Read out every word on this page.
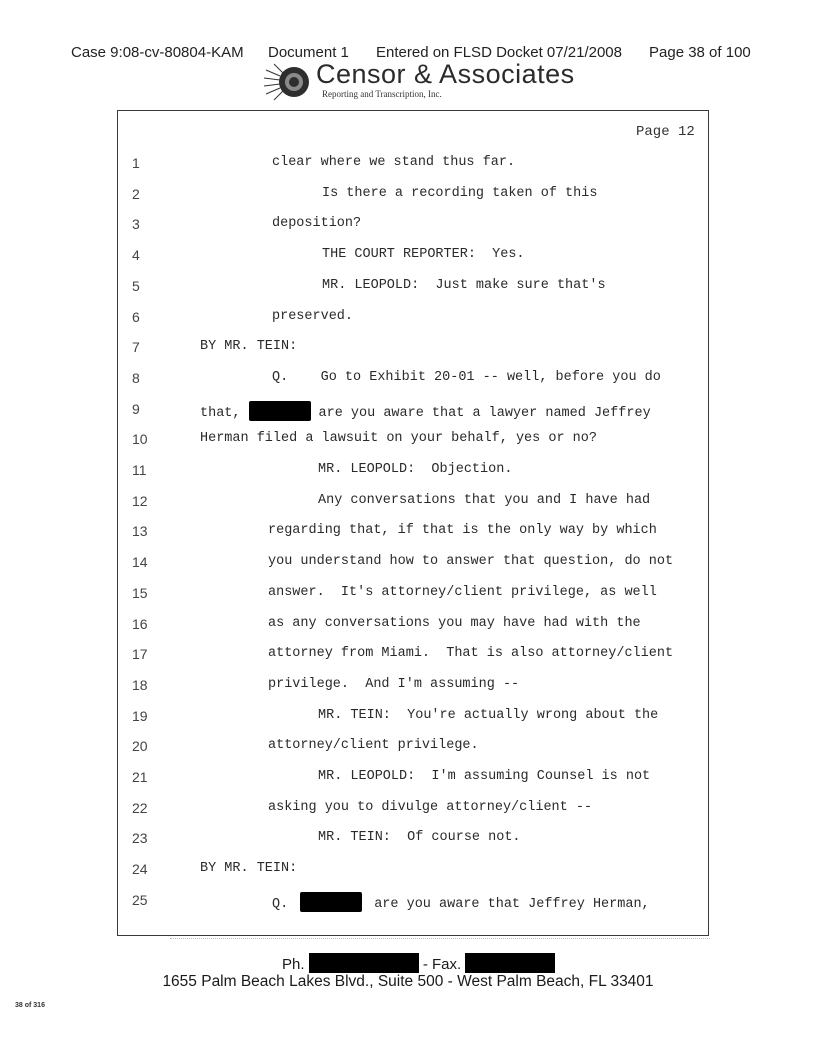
Case 9:08-cv-80804-KAM Document 1 Entered on FLSD Docket 07/21/2008 Page 38 of 100
Censor & Associates
Reporting and Transcription, Inc.
Page 12
1	clear where we stand thus far.
2	Is there a recording taken of this
3	deposition?
4	THE COURT REPORTER:  Yes.
5	MR. LEOPOLD:  Just make sure that's
6	preserved.
7	BY MR. TEIN:
8	Q.    Go to Exhibit 20-01 -- well, before you do
9	that,	are you aware that a lawyer named Jeffrey
10	Herman filed a lawsuit on your behalf, yes or no?
11	MR. LEOPOLD:  Objection.
12	Any conversations that you and I have had
13	regarding that, if that is the only way by which
14	you understand how to answer that question, do not
15	answer.  It's attorney/client privilege, as well
16	as any conversations you may have had with the
17	attorney from Miami.  That is also attorney/client
18	privilege.  And I'm assuming --
19	MR. TEIN:  You're actually wrong about the
20	attorney/client privilege.
21	MR. LEOPOLD:  I'm assuming Counsel is not
22	asking you to divulge attorney/client --
23	MR. TEIN:  Of course not.
24	BY MR. TEIN:
25	Q.	are you aware that Jeffrey Herman,
Ph.	- Fax.
1655 Palm Beach Lakes Blvd., Suite 500 - West Palm Beach, FL 33401
38 of 316
